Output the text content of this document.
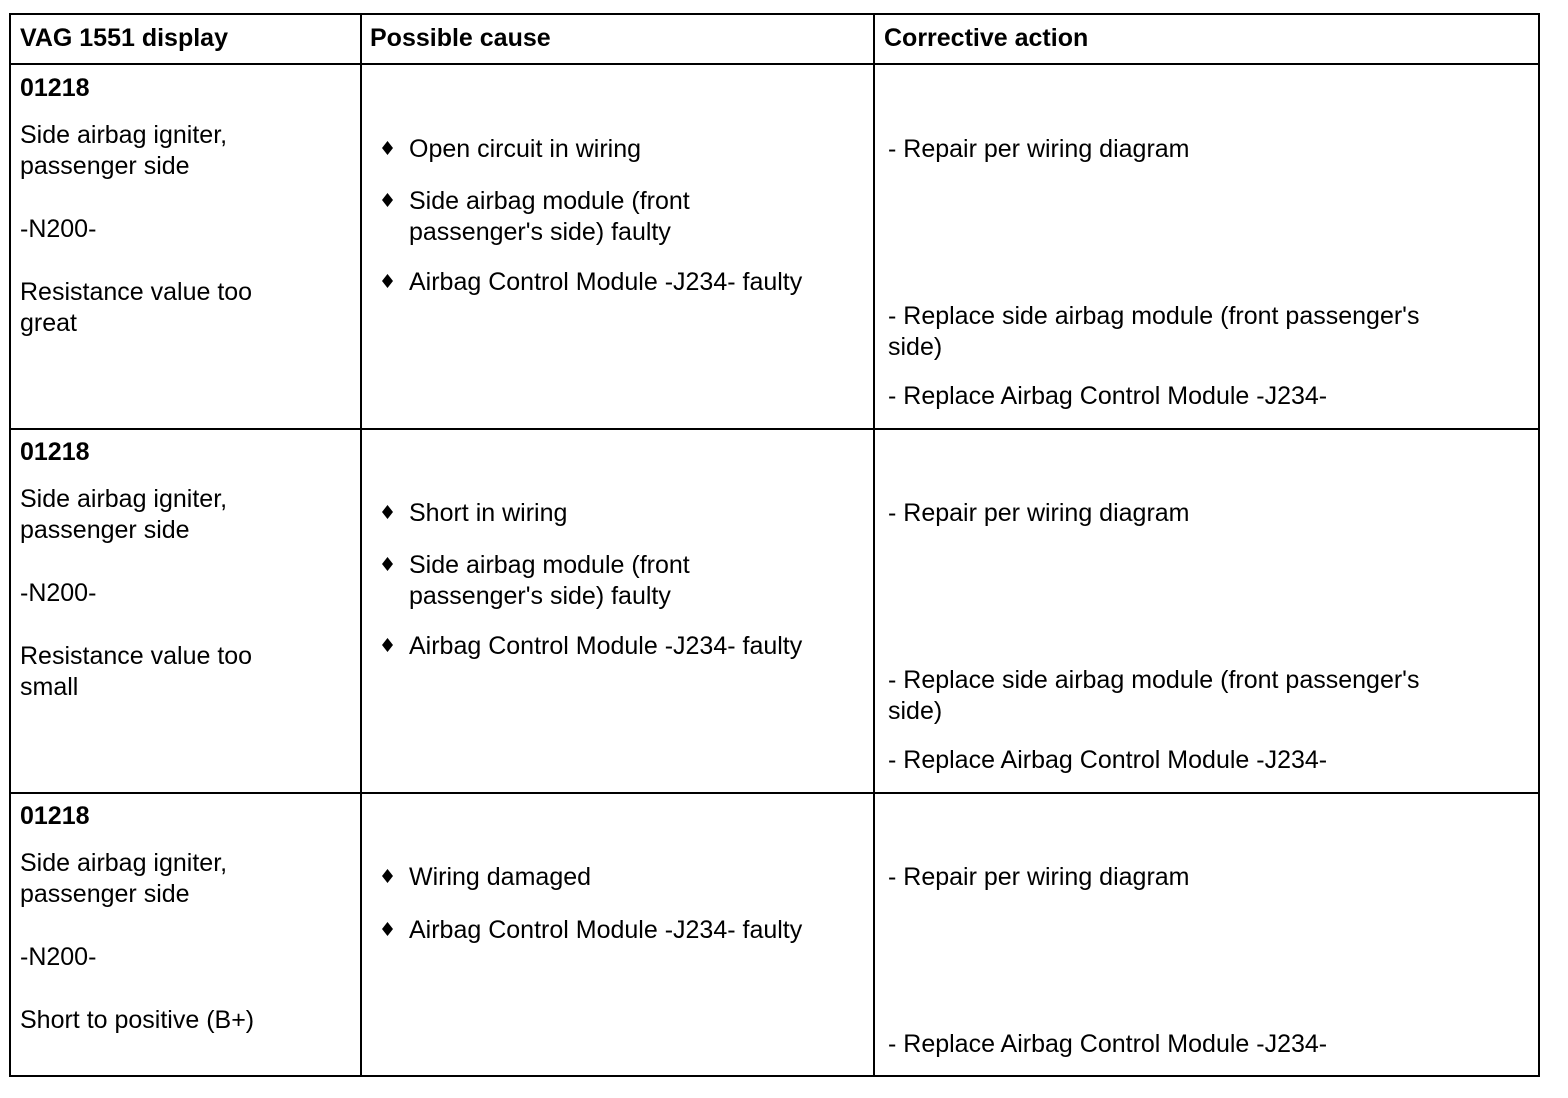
VAG 1551 display	Possible cause	Corrective action
01218
Side airbag igniter,
passenger side
-N200-
Resistance value too
great
Open circuit in wiring
Side airbag module (front
passenger's side) faulty
Airbag Control Module -J234- faulty
- Repair per wiring diagram
- Replace side airbag module (front passenger's
side)
- Replace Airbag Control Module -J234-
01218
Side airbag igniter,
passenger side
-N200-
Resistance value too
small
Short in wiring
Side airbag module (front
passenger's side) faulty
Airbag Control Module -J234- faulty
- Repair per wiring diagram
- Replace side airbag module (front passenger's
side)
- Replace Airbag Control Module -J234-
01218
Side airbag igniter,
passenger side
-N200-
Short to positive (B+)
Wiring damaged
Airbag Control Module -J234- faulty
- Repair per wiring diagram
- Replace Airbag Control Module -J234-
